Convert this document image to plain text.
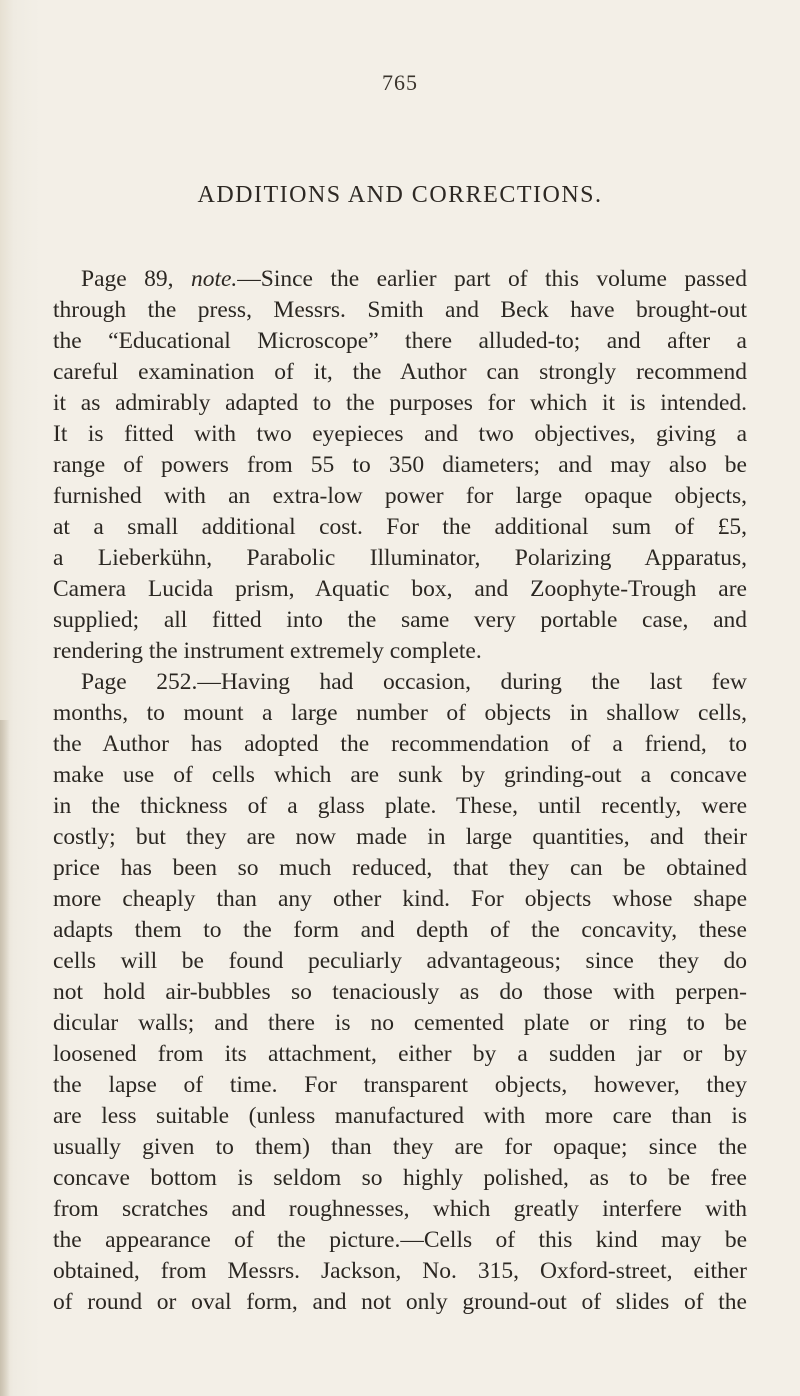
765
ADDITIONS AND CORRECTIONS.
Page 89, note.—Since the earlier part of this volume passed
through the press, Messrs. Smith and Beck have brought-out
the “Educational Microscope” there alluded-to; and after a
careful examination of it, the Author can strongly recommend
it as admirably adapted to the purposes for which it is intended.
It is fitted with two eyepieces and two objectives, giving a
range of powers from 55 to 350 diameters; and may also be
furnished with an extra-low power for large opaque objects,
at a small additional cost. For the additional sum of £5,
a Lieberkühn, Parabolic Illuminator, Polarizing Apparatus,
Camera Lucida prism, Aquatic box, and Zoophyte-Trough are
supplied; all fitted into the same very portable case, and
rendering the instrument extremely complete.
Page 252.—Having had occasion, during the last few
months, to mount a large number of objects in shallow cells,
the Author has adopted the recommendation of a friend, to
make use of cells which are sunk by grinding-out a concave
in the thickness of a glass plate. These, until recently, were
costly; but they are now made in large quantities, and their
price has been so much reduced, that they can be obtained
more cheaply than any other kind. For objects whose shape
adapts them to the form and depth of the concavity, these
cells will be found peculiarly advantageous; since they do
not hold air-bubbles so tenaciously as do those with perpen-
dicular walls; and there is no cemented plate or ring to be
loosened from its attachment, either by a sudden jar or by
the lapse of time. For transparent objects, however, they
are less suitable (unless manufactured with more care than is
usually given to them) than they are for opaque; since the
concave bottom is seldom so highly polished, as to be free
from scratches and roughnesses, which greatly interfere with
the appearance of the picture.—Cells of this kind may be
obtained, from Messrs. Jackson, No. 315, Oxford-street, either
of round or oval form, and not only ground-out of slides of the
